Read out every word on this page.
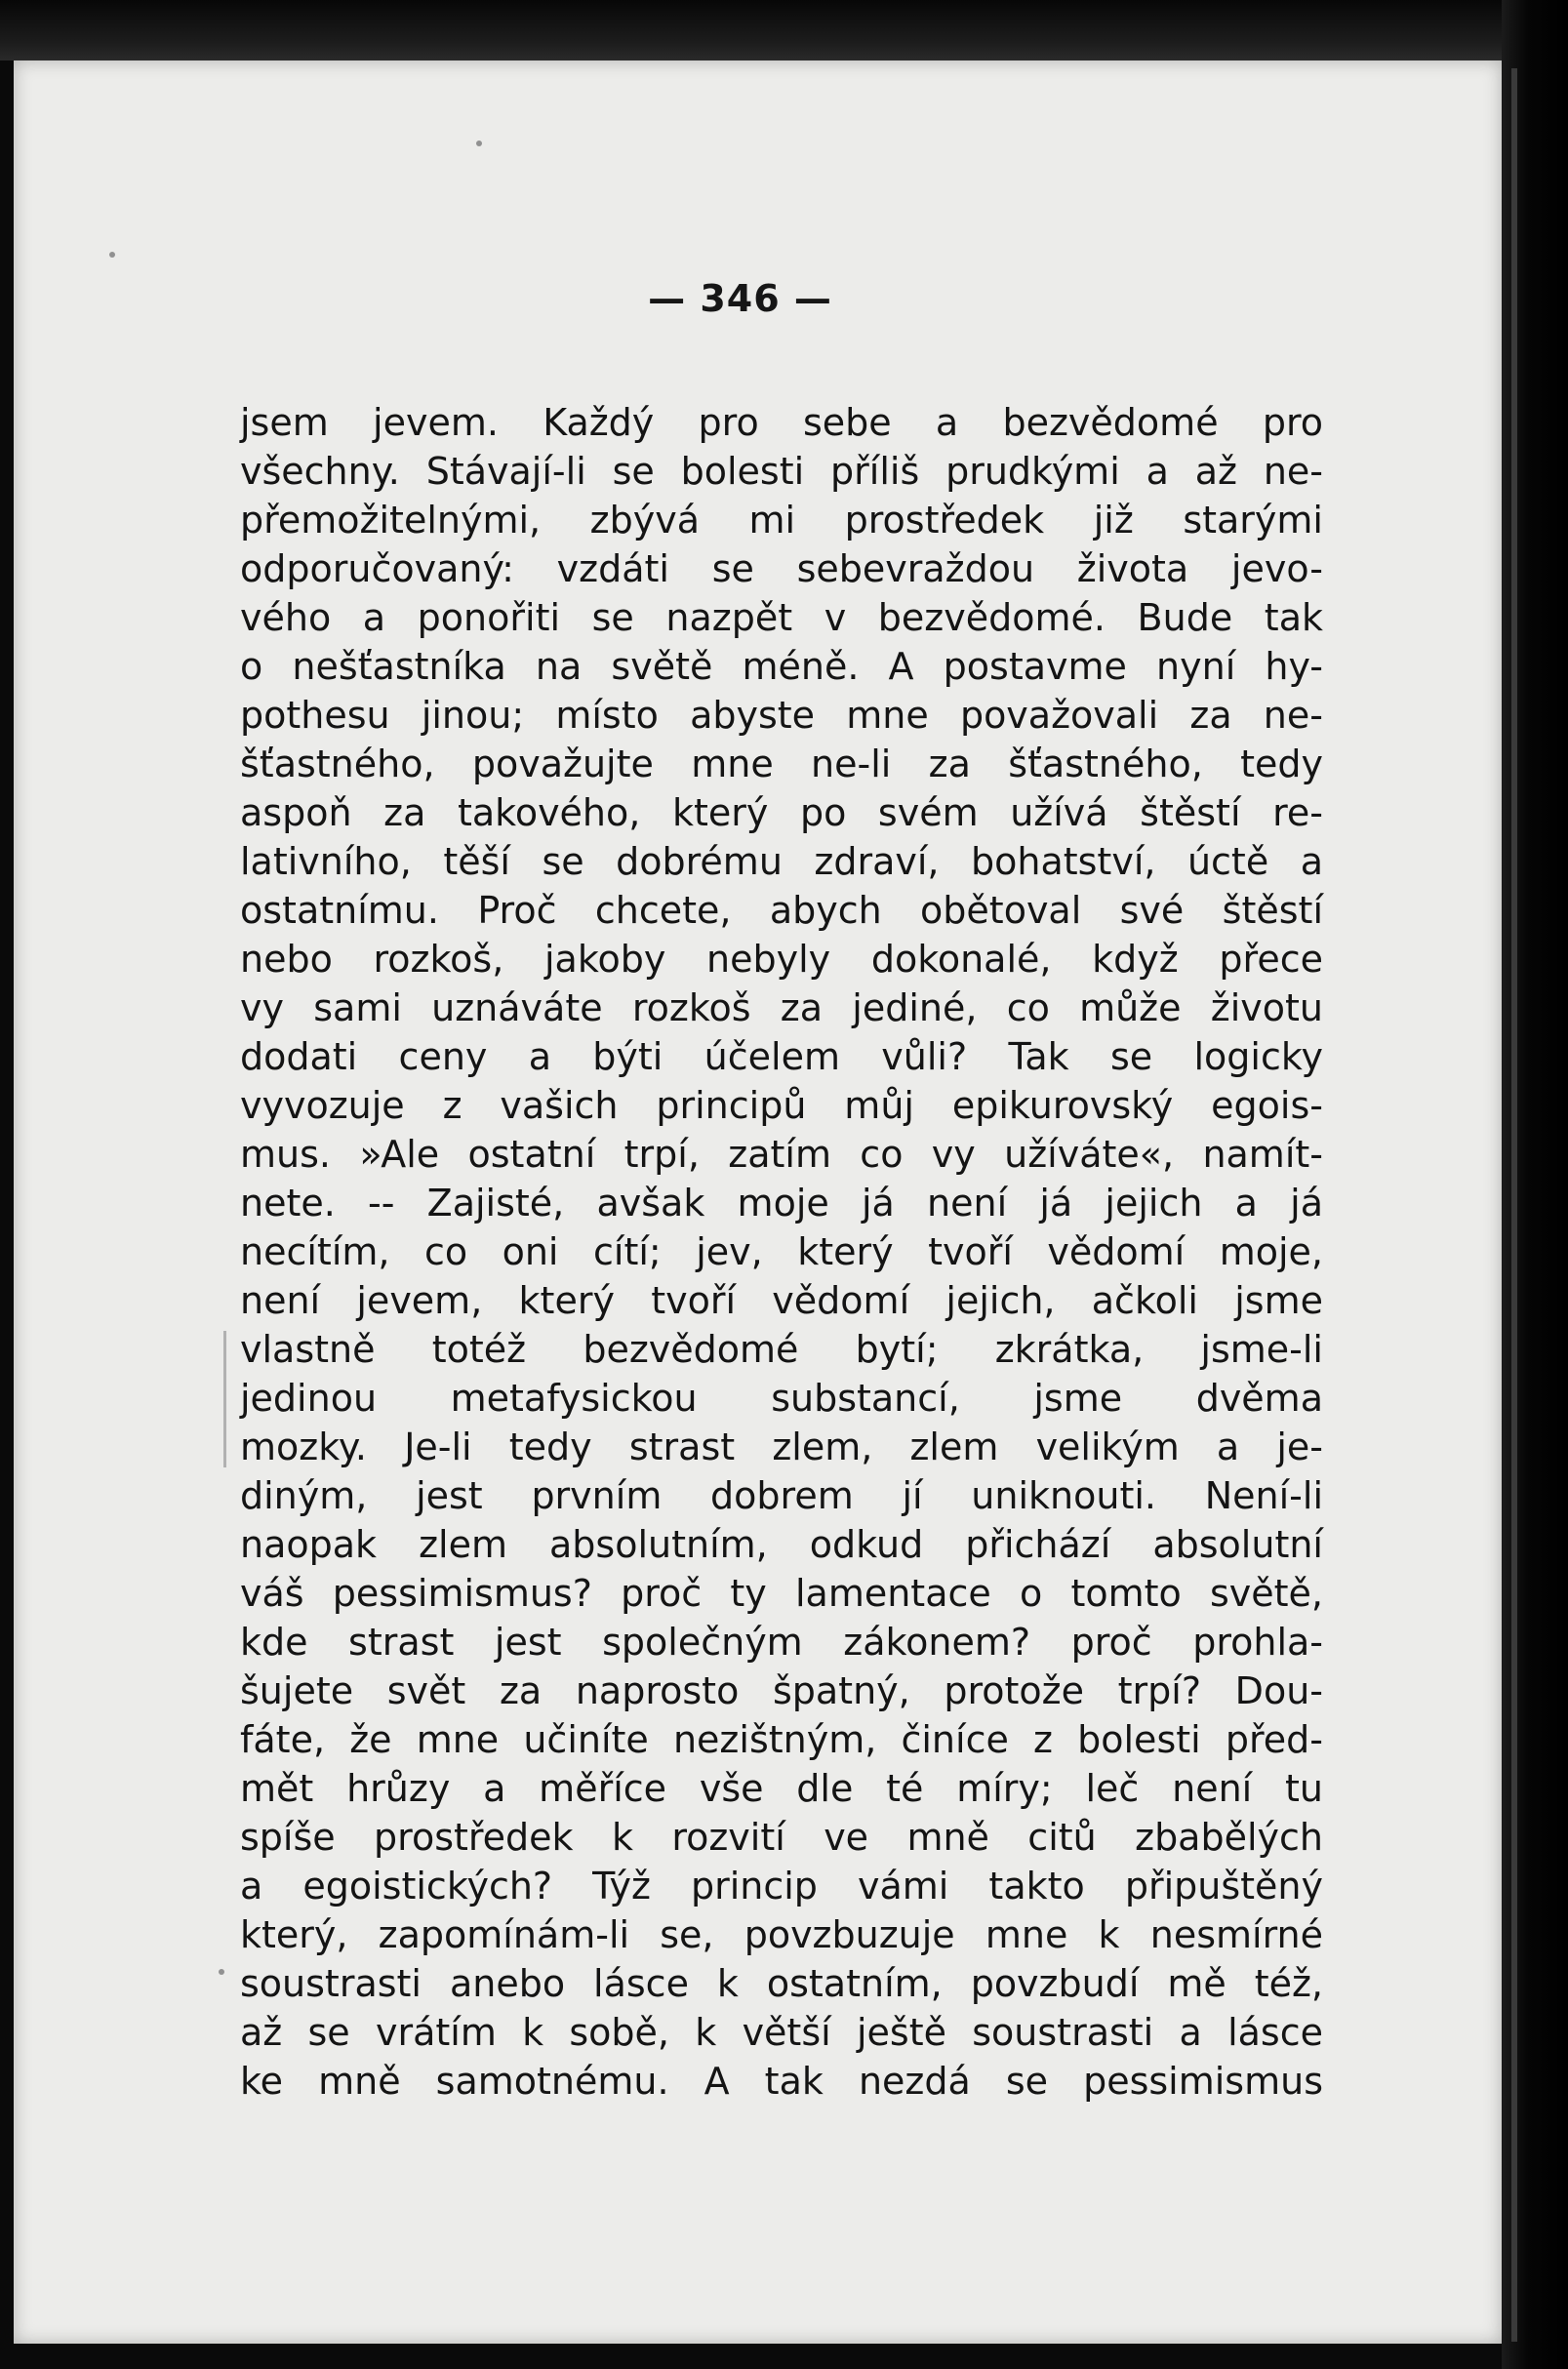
— 346 —
jsem jevem. Každý pro sebe a bezvědomé pro
všechny. Stávají-li se bolesti příliš prudkými a až ne-
přemožitelnými, zbývá mi prostředek již starými
odporučovaný: vzdáti se sebevraždou života jevo-
vého a ponořiti se nazpět v bezvědomé. Bude tak
o nešťastníka na světě méně. A postavme nyní hy-
pothesu jinou; místo abyste mne považovali za ne-
šťastného, považujte mne ne-li za šťastného, tedy
aspoň za takového, který po svém užívá štěstí re-
lativního, těší se dobrému zdraví, bohatství, úctě a
ostatnímu. Proč chcete, abych obětoval své štěstí
nebo rozkoš, jakoby nebyly dokonalé, když přece
vy sami uznáváte rozkoš za jediné, co může životu
dodati ceny a býti účelem vůli? Tak se logicky
vyvozuje z vašich principů můj epikurovský egois-
mus. »Ale ostatní trpí, zatím co vy užíváte«, namít-
nete. -- Zajisté, avšak moje já není já jejich a já
necítím, co oni cítí; jev, který tvoří vědomí moje,
není jevem, který tvoří vědomí jejich, ačkoli jsme
vlastně totéž bezvědomé bytí; zkrátka, jsme-li
jedinou metafysickou substancí, jsme dvěma
mozky. Je-li tedy strast zlem, zlem velikým a je-
diným, jest prvním dobrem jí uniknouti. Není-li
naopak zlem absolutním, odkud přichází absolutní
váš pessimismus? proč ty lamentace o tomto světě,
kde strast jest společným zákonem? proč prohla-
šujete svět za naprosto špatný, protože trpí? Dou-
fáte, že mne učiníte nezištným, činíce z bolesti před-
mět hrůzy a měříce vše dle té míry; leč není tu
spíše prostředek k rozvití ve mně citů zbabělých
a egoistických? Týž princip vámi takto připuštěný
který, zapomínám-li se, povzbuzuje mne k nesmírné
soustrasti anebo lásce k ostatním, povzbudí mě též,
až se vrátím k sobě, k větší ještě soustrasti a lásce
ke mně samotnému. A tak nezdá se pessimismus
